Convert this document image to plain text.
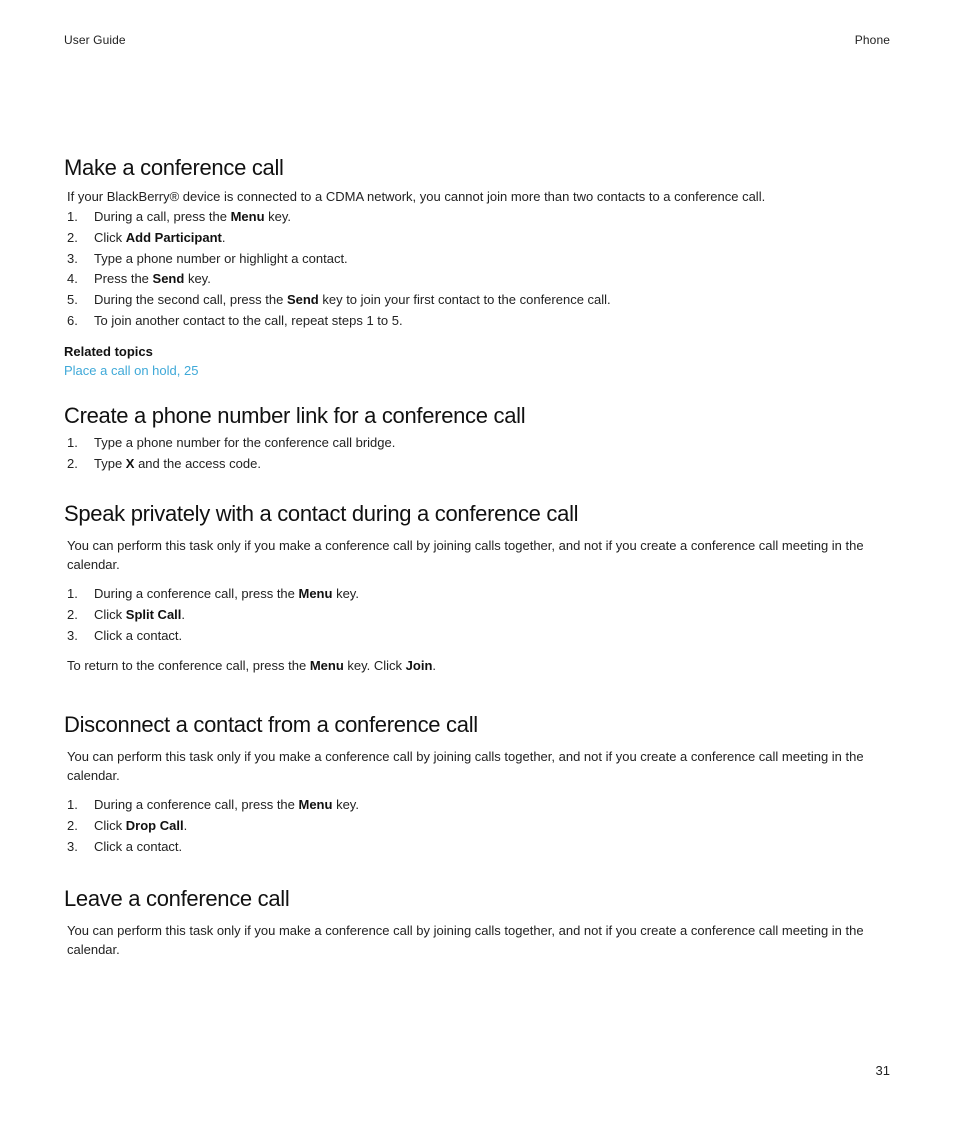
User Guide	Phone
Make a conference call

If your BlackBerry® device is connected to a CDMA network, you cannot join more than two contacts to a conference call.

1. During a call, press the Menu key.
2. Click Add Participant.
3. Type a phone number or highlight a contact.
4. Press the Send key.
5. During the second call, press the Send key to join your first contact to the conference call.
6. To join another contact to the call, repeat steps 1 to 5.
Related topics
Place a call on hold, 25
Create a phone number link for a conference call
1. Type a phone number for the conference call bridge.
2. Type X and the access code.
Speak privately with a contact during a conference call

You can perform this task only if you make a conference call by joining calls together, and not if you create a conference call meeting in the calendar.

1. During a conference call, press the Menu key.
2. Click Split Call.
3. Click a contact.

To return to the conference call, press the Menu key. Click Join.

Disconnect a contact from a conference call

You can perform this task only if you make a conference call by joining calls together, and not if you create a conference call meeting in the calendar.

1. During a conference call, press the Menu key.
2. Click Drop Call.
3. Click a contact.
Leave a conference call

You can perform this task only if you make a conference call by joining calls together, and not if you create a conference call meeting in the calendar.

31
